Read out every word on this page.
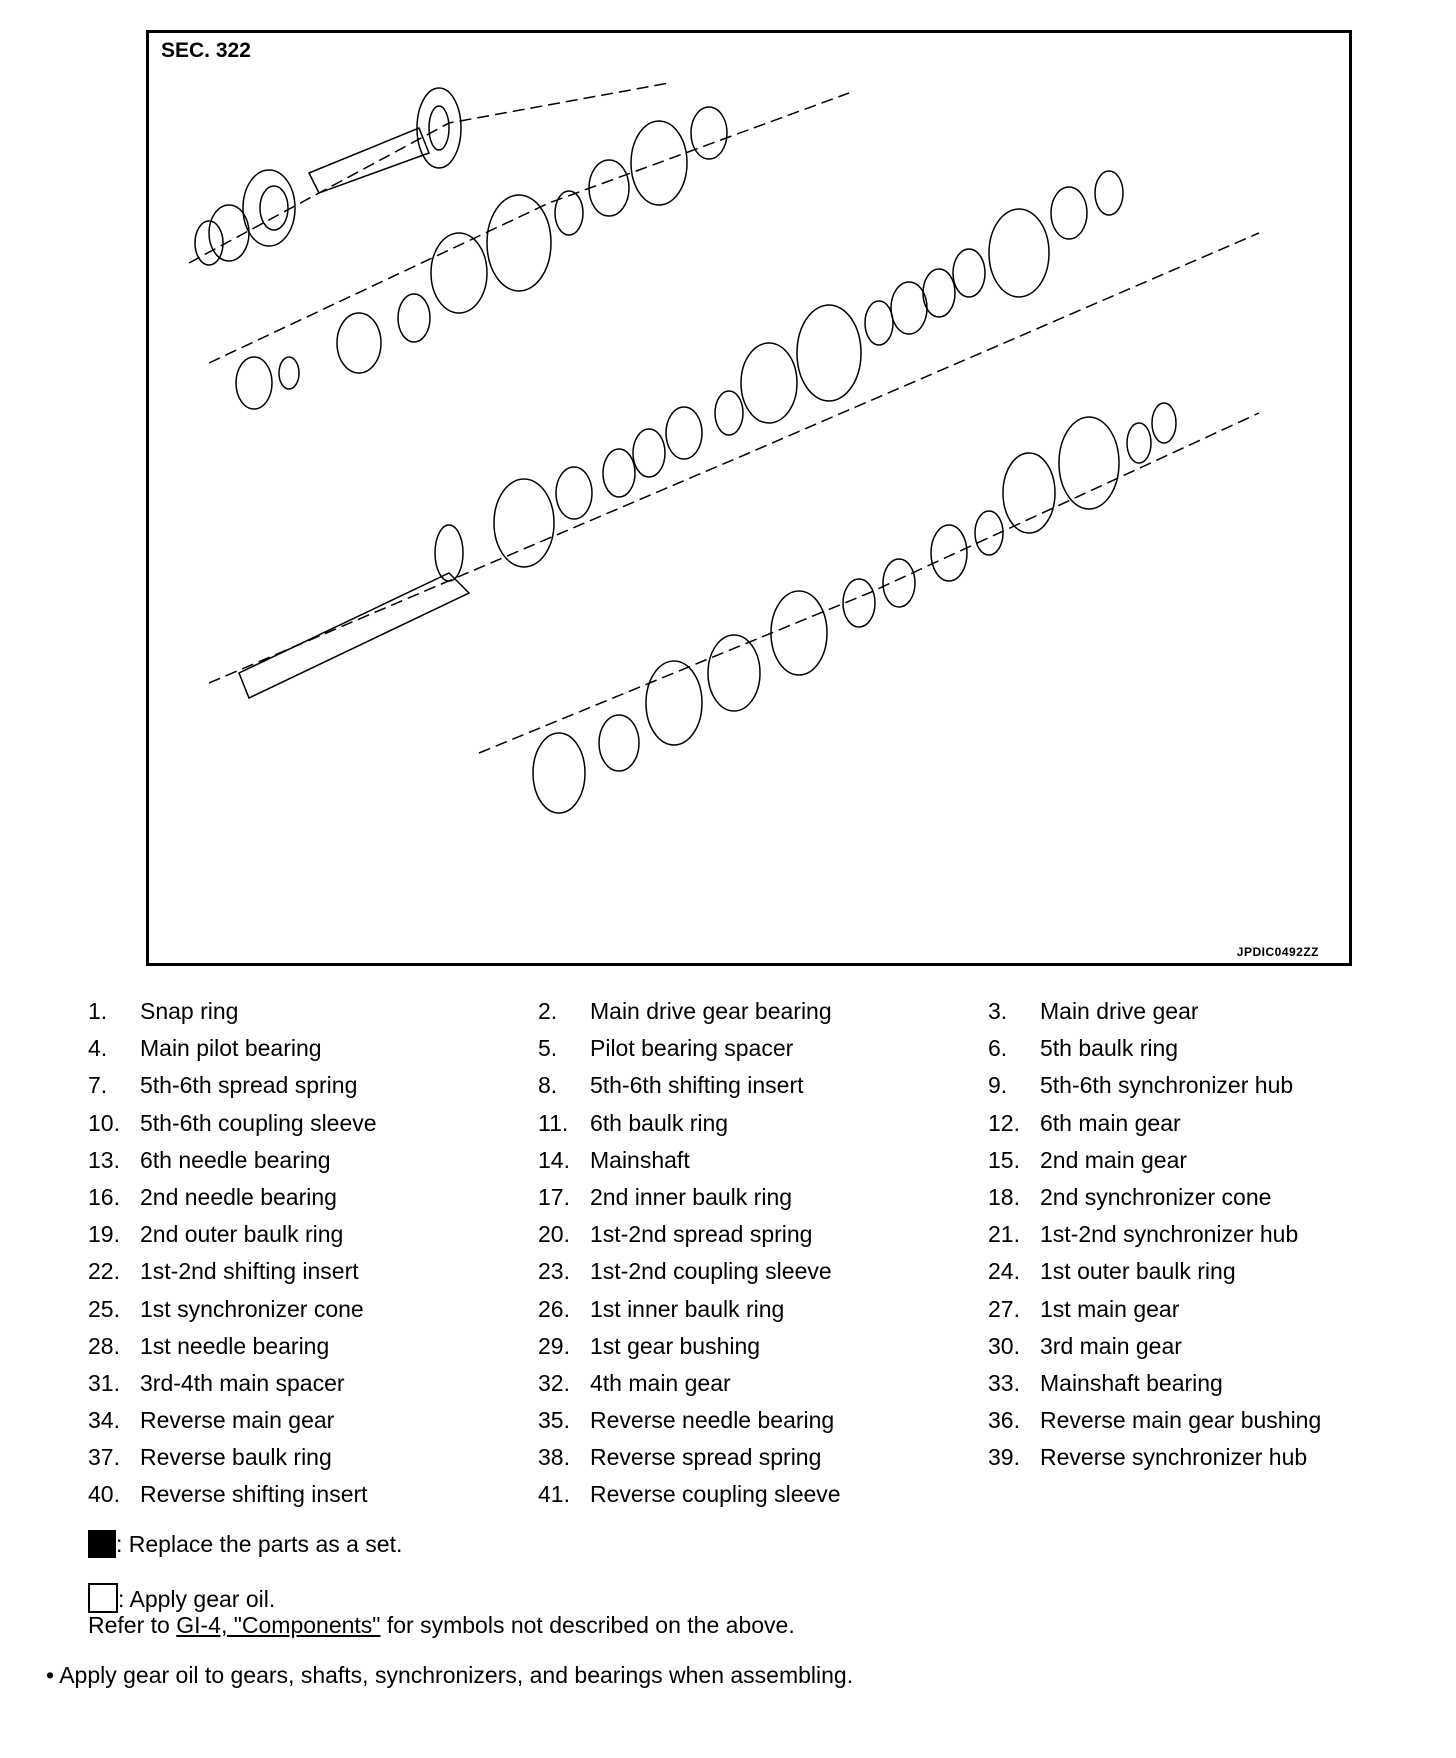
SEC. 322
JPDIC0492ZZ
1.	Snap ring	2.	Main drive gear bearing	3.	Main drive gear
4.	Main pilot bearing	5.	Pilot bearing spacer	6.	5th baulk ring
7.	5th-6th spread spring	8.	5th-6th shifting insert	9.	5th-6th synchronizer hub
10. 5th-6th coupling sleeve	11. 6th baulk ring	12. 6th main gear
13. 6th needle bearing	14. Mainshaft	15. 2nd main gear
16. 2nd needle bearing	17. 2nd inner baulk ring	18. 2nd synchronizer cone
19. 2nd outer baulk ring	20. 1st-2nd spread spring	21. 1st-2nd synchronizer hub
22. 1st-2nd shifting insert	23. 1st-2nd coupling sleeve	24. 1st outer baulk ring
25. 1st synchronizer cone	26. 1st inner baulk ring	27. 1st main gear
28. 1st needle bearing	29. 1st gear bushing	30. 3rd main gear
31. 3rd-4th main spacer	32. 4th main gear	33. Mainshaft bearing
34. Reverse main gear	35. Reverse needle bearing	36. Reverse main gear bushing
37. Reverse baulk ring	38. Reverse spread spring	39. Reverse synchronizer hub
40. Reverse shifting insert	41. Reverse coupling sleeve
: Replace the parts as a set.
: Apply gear oil.
Refer to GI-4, "Components" for symbols not described on the above.
• Apply gear oil to gears, shafts, synchronizers, and bearings when assembling.
